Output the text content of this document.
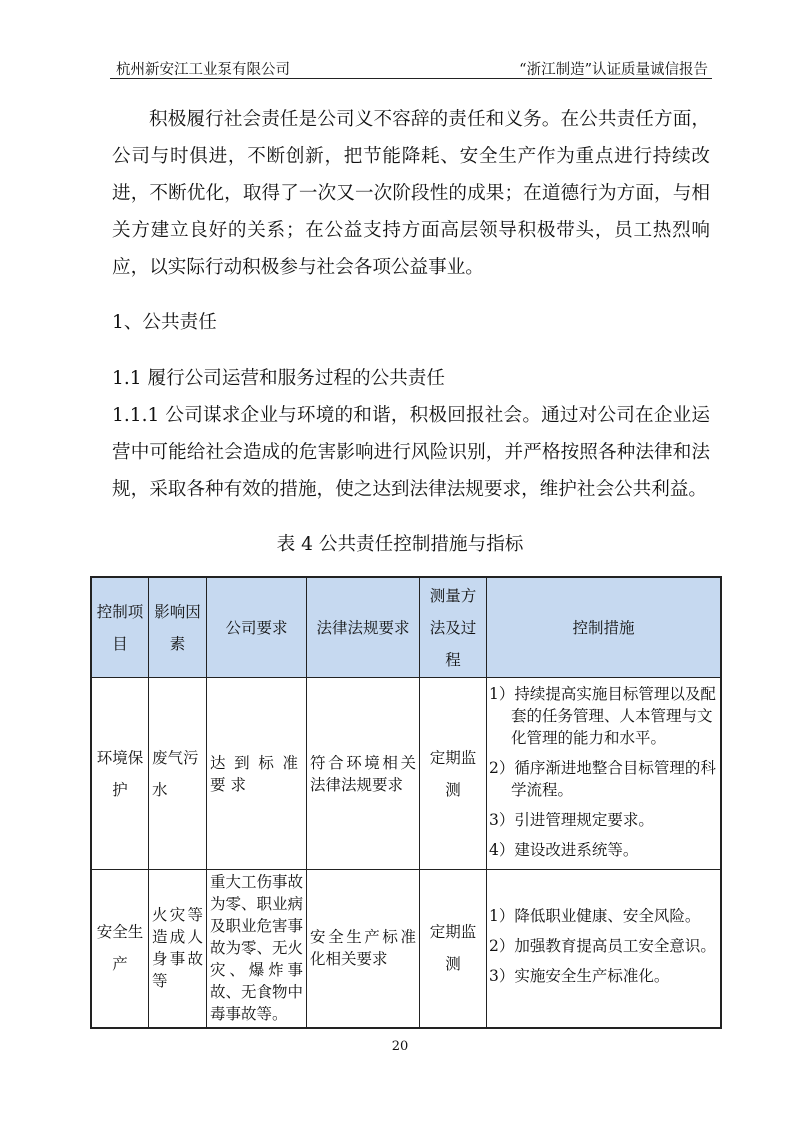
杭州新安江工业泵有限公司	“浙江制造”认证质量诚信报告
积极履行社会责任是公司义不容辞的责任和义务。在公共责任方面，公司与时俱进，不断创新，把节能降耗、安全生产作为重点进行持续改进，不断优化，取得了一次又一次阶段性的成果；在道德行为方面，与相关方建立良好的关系；在公益支持方面高层领导积极带头，员工热烈响应，以实际行动积极参与社会各项公益事业。
1、公共责任
1.1 履行公司运营和服务过程的公共责任
1.1.1 公司谋求企业与环境的和谐，积极回报社会。通过对公司在企业运营中可能给社会造成的危害影响进行风险识别，并严格按照各种法律和法规，采取各种有效的措施，使之达到法律法规要求，维护社会公共利益。
表 4 公共责任控制措施与指标
控制项目	影响因素	公司要求	法律法规要求	测量方法及过程	控制措施
环境保护	废气污水	达到标准要求	符合环境相关法律法规要求	定期监测	1）持续提高实施目标管理以及配套的任务管理、人本管理与文化管理的能力和水平。
2）循序渐进地整合目标管理的科学流程。
3）引进管理规定要求。
4）建设改进系统等。

安全生产	火灾等造成人身事故等	重大工伤事故为零、职业病及职业危害事故为零、无火灾、爆炸事故、无食物中毒事故等。	安全生产标准化相关要求	定期监测	1）降低职业健康、安全风险。
2）加强教育提高员工安全意识。
3）实施安全生产标准化。
20
